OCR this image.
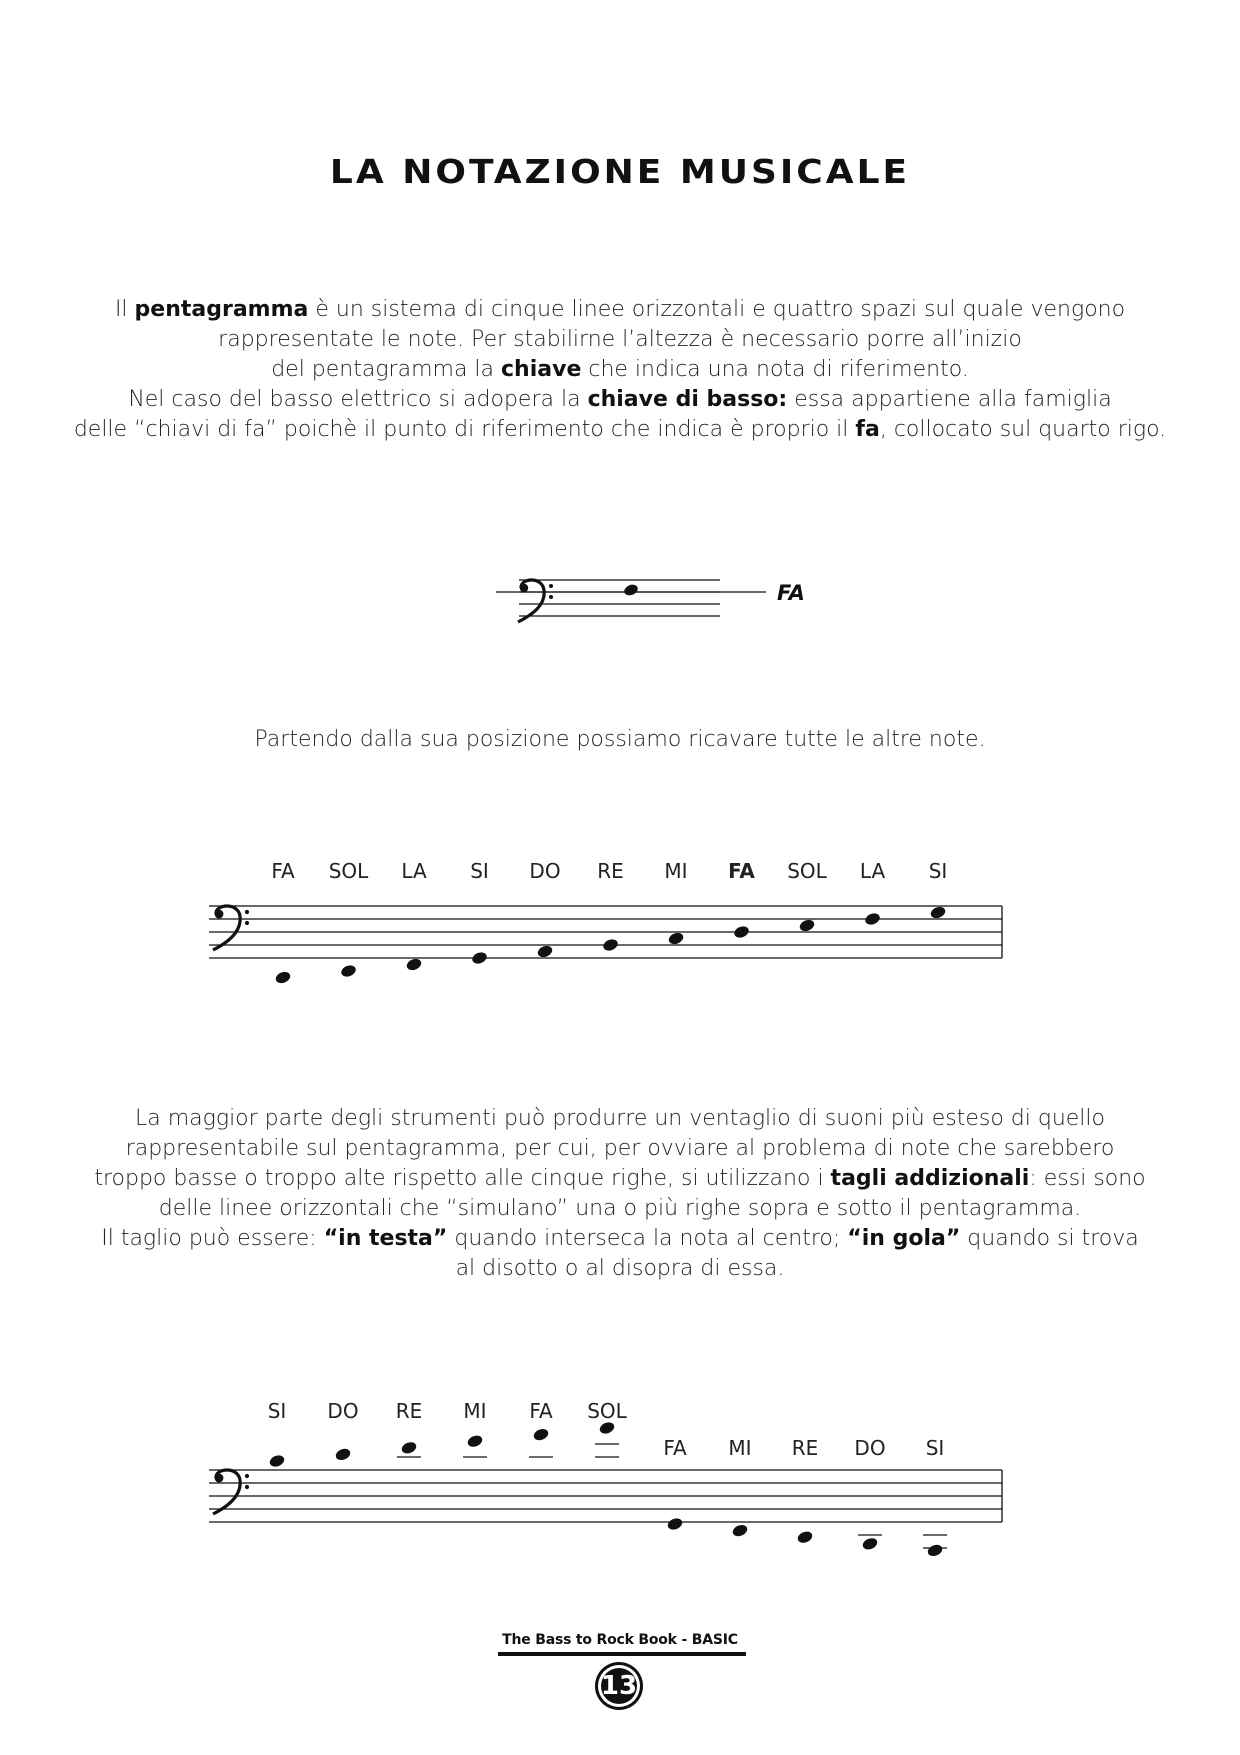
LA NOTAZIONE MUSICALE
Il pentagramma è un sistema di cinque linee orizzontali e quattro spazi sul quale vengono
rappresentate le note. Per stabilirne l’altezza è necessario porre all’inizio
del pentagramma la chiave che indica una nota di riferimento.
Nel caso del basso elettrico si adopera la chiave di basso: essa appartiene alla famiglia
delle “chiavi di fa” poichè il punto di riferimento che indica è proprio il fa, collocato sul quarto rigo.
FA
FA SOL LA SI DO RE MI FA SOL LA SI
SI DO RE MI FA SOL
FA MI RE DO SI
Partendo dalla sua posizione possiamo ricavare tutte le altre note.
La maggior parte degli strumenti può produrre un ventaglio di suoni più esteso di quello
rappresentabile sul pentagramma, per cui, per ovviare al problema di note che sarebbero
troppo basse o troppo alte rispetto alle cinque righe, si utilizzano i tagli addizionali: essi sono
delle linee orizzontali che “simulano” una o più righe sopra e sotto il pentagramma.
Il taglio può essere: “in testa” quando interseca la nota al centro; “in gola” quando si trova
al disotto o al disopra di essa.
The Bass to Rock Book - BASIC
13
